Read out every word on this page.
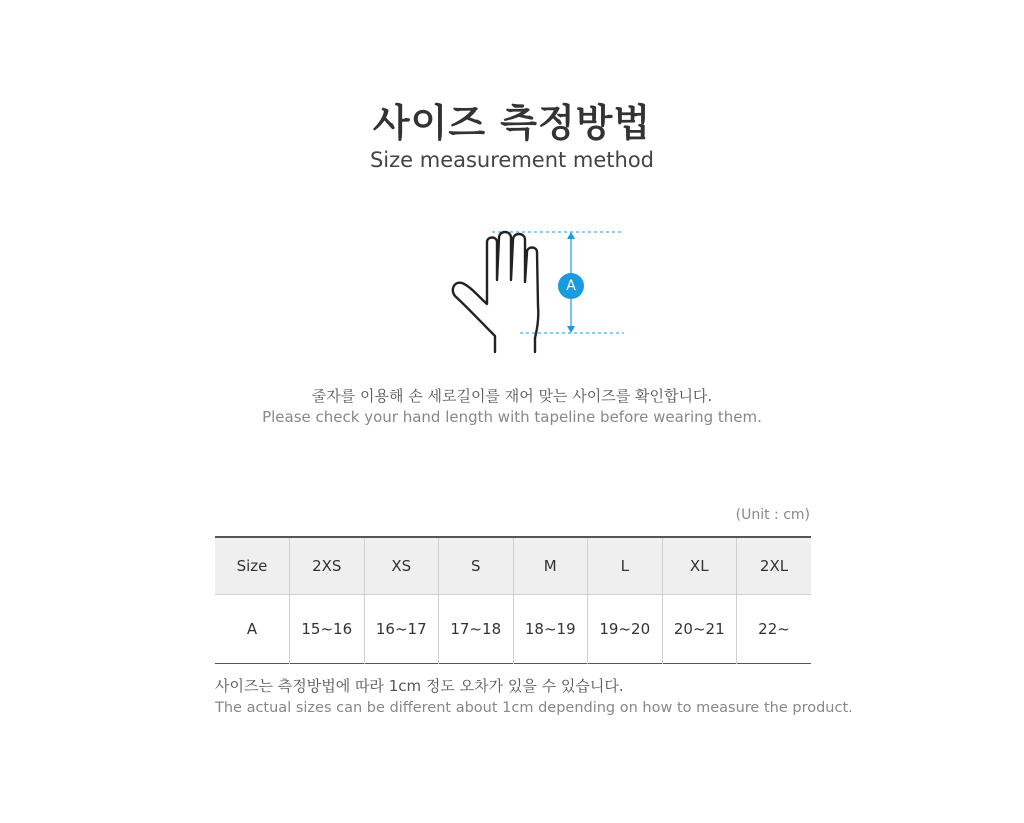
사이즈 측정방법
Size measurement method
A
줄자를 이용해 손 세로길이를 재어 맞는 사이즈를 확인합니다.
Please check your hand length with tapeline before wearing them.
(Unit : cm)
Size	2XS	XS	S	M	L	XL	2XL
A	15~16	16~17	17~18	18~19	19~20	20~21	22~
사이즈는 측정방법에 따라 1cm 정도 오차가 있을 수 있습니다.
The actual sizes can be different about 1cm depending on how to measure the product.
